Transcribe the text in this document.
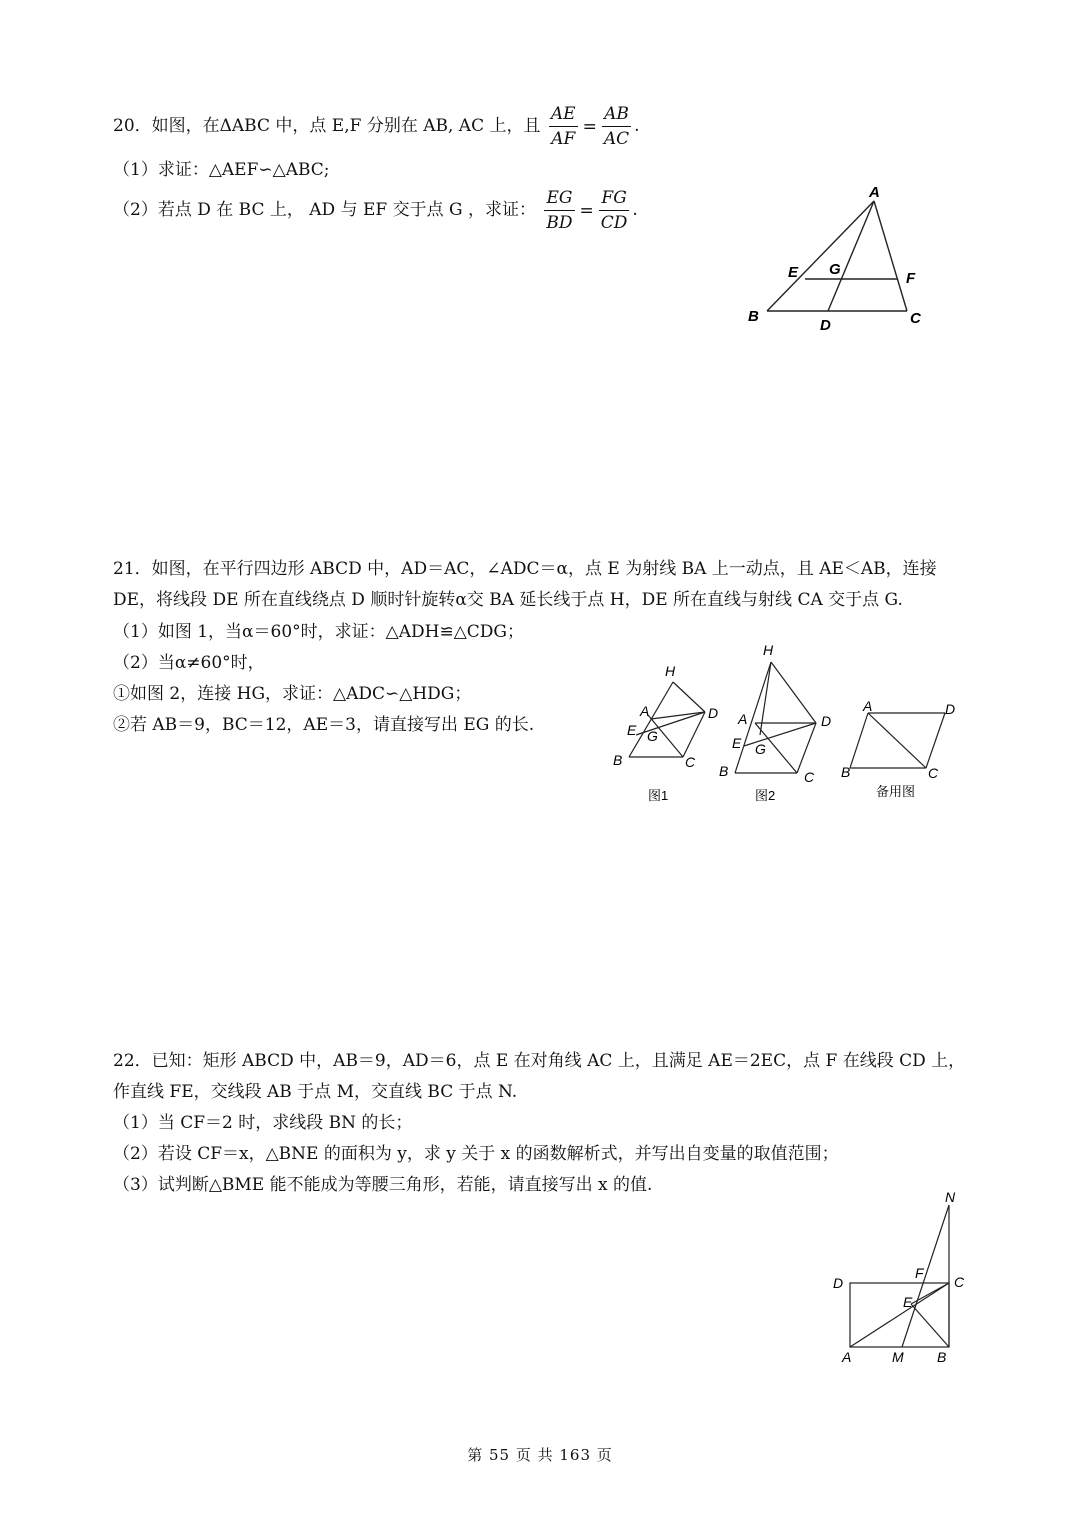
20．如图，在ΔABC 中，点 E,F 分别在 AB, AC 上，且 $\frac{AE}{AF} = \frac{AB}{AC}$ .
（1）求证：△AEF∽△ABC;
（2）若点 D 在 BC 上， AD 与 EF 交于点 G ，求证： $\frac{EG}{BD} = \frac{FG}{CD}$ .
A
B	C
D
E	F
G
21．如图，在平行四边形 ABCD 中，AD＝AC，∠ADC＝α，点 E 为射线 BA 上一动点，且 AE＜AB，连接
DE，将线段 DE 所在直线绕点 D 顺时针旋转α交 BA 延长线于点 H，DE 所在直线与射线 CA 交于点 G.
（1）如图 1，当α＝60°时，求证：△ADH≌△CDG；
（2）当α≠60°时，
①如图 2，连接 HG，求证：△ADC∽△HDG；
②若 AB＝9，BC＝12，AE＝3，请直接写出 EG 的长.
H
A	D
E G
B	C
图1
H
A	D
E G
B	C
图2
A	D
B	C
备用图
22．已知：矩形 ABCD 中，AB＝9，AD＝6，点 E 在对角线 AC 上，且满足 AE＝2EC，点 F 在线段 CD 上，
作直线 FE，交线段 AB 于点 M，交直线 BC 于点 N.
（1）当 CF＝2 时，求线段 BN 的长；
（2）若设 CF＝x，△BNE 的面积为 y，求 y 关于 x 的函数解析式，并写出自变量的取值范围；
（3）试判断△BME 能不能成为等腰三角形，若能，请直接写出 x 的值.
N
D
F
C
E
A	M B
第 55 页 共 163 页
